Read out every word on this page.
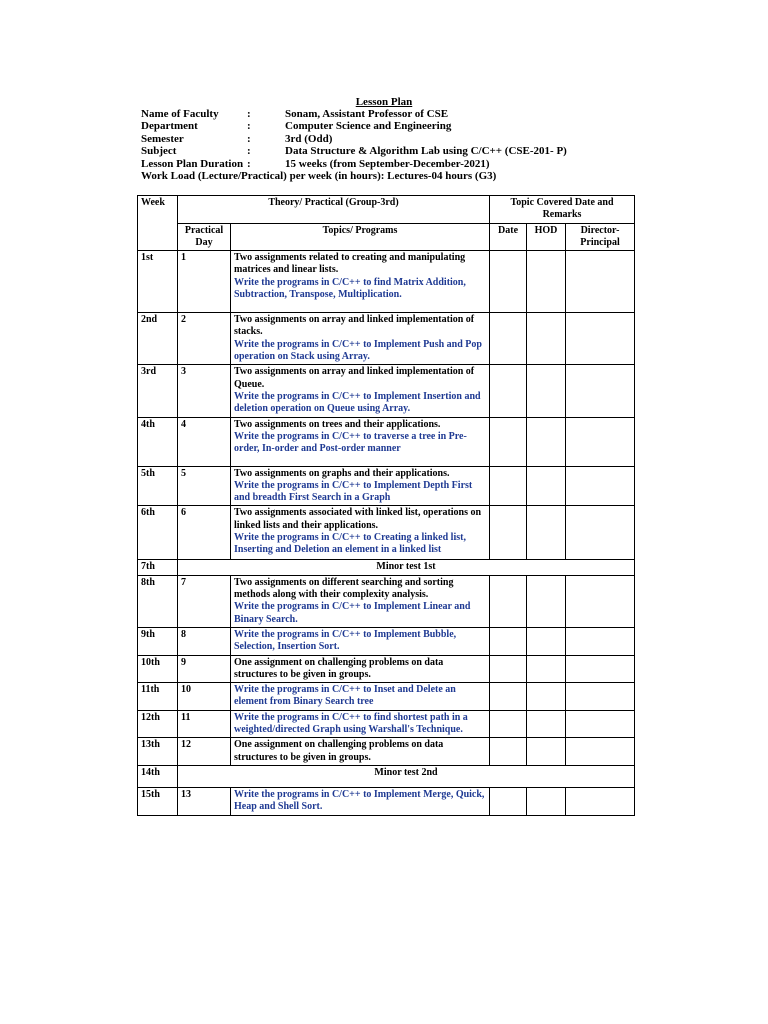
Lesson Plan
Name of Faculty	:	Sonam, Assistant Professor of CSE
Department	:	Computer Science and Engineering
Semester	:	3rd (Odd)
Subject	:	Data Structure & Algorithm Lab using C/C++ (CSE-201- P)
Lesson Plan Duration :	15 weeks (from September-December-2021)
Work Load (Lecture/Practical) per week (in hours): Lectures-04 hours (G3)
Week	Theory/ Practical (Group-3rd)		Topic Covered Date and Remarks		
	Practical Day	Topics/ Programs	Date	HOD	Director-Principal
1st	1	Two assignments related to creating and manipulating matrices and linear lists.
Write the programs in C/C++ to find Matrix Addition, Subtraction, Transpose, Multiplication.			

2nd	2	Two assignments on array and linked implementation of stacks.
Write the programs in C/C++ to Implement Push and Pop operation on Stack using Array.			

3rd	3	Two assignments on array and linked implementation of Queue.
Write the programs in C/C++ to Implement Insertion and deletion operation on Queue using Array.			

4th	4	Two assignments on trees and their applications.
Write the programs in C/C++ to traverse a tree in Pre-order, In-order and Post-order manner			

5th	5	Two assignments on graphs and their applications.
Write the programs in C/C++ to Implement Depth First and breadth First Search in a Graph			

6th	6	Two assignments associated with linked list, operations on linked lists and their applications.
Write the programs in C/C++ to Creating a linked list, Inserting and Deletion an element in a linked list			

7th	Minor test 1st				
8th	7	Two assignments on different searching and sorting methods along with their complexity analysis.
Write the programs in C/C++ to Implement Linear and Binary Search.			

9th	8	Write the programs in C/C++ to Implement Bubble, Selection, Insertion Sort.			

10th	9	One assignment on challenging problems on data structures to be given in groups.			

11th	10	Write the programs in C/C++ to Inset and Delete an element from Binary Search tree			

12th	11	Write the programs in C/C++ to find shortest path in a weighted/directed Graph using Warshall's Technique.			

13th	12	One assignment on challenging problems on data structures to be given in groups.			

14th	Minor test 2nd				
15th	13	Write the programs in C/C++ to Implement Merge, Quick, Heap and Shell Sort.			
